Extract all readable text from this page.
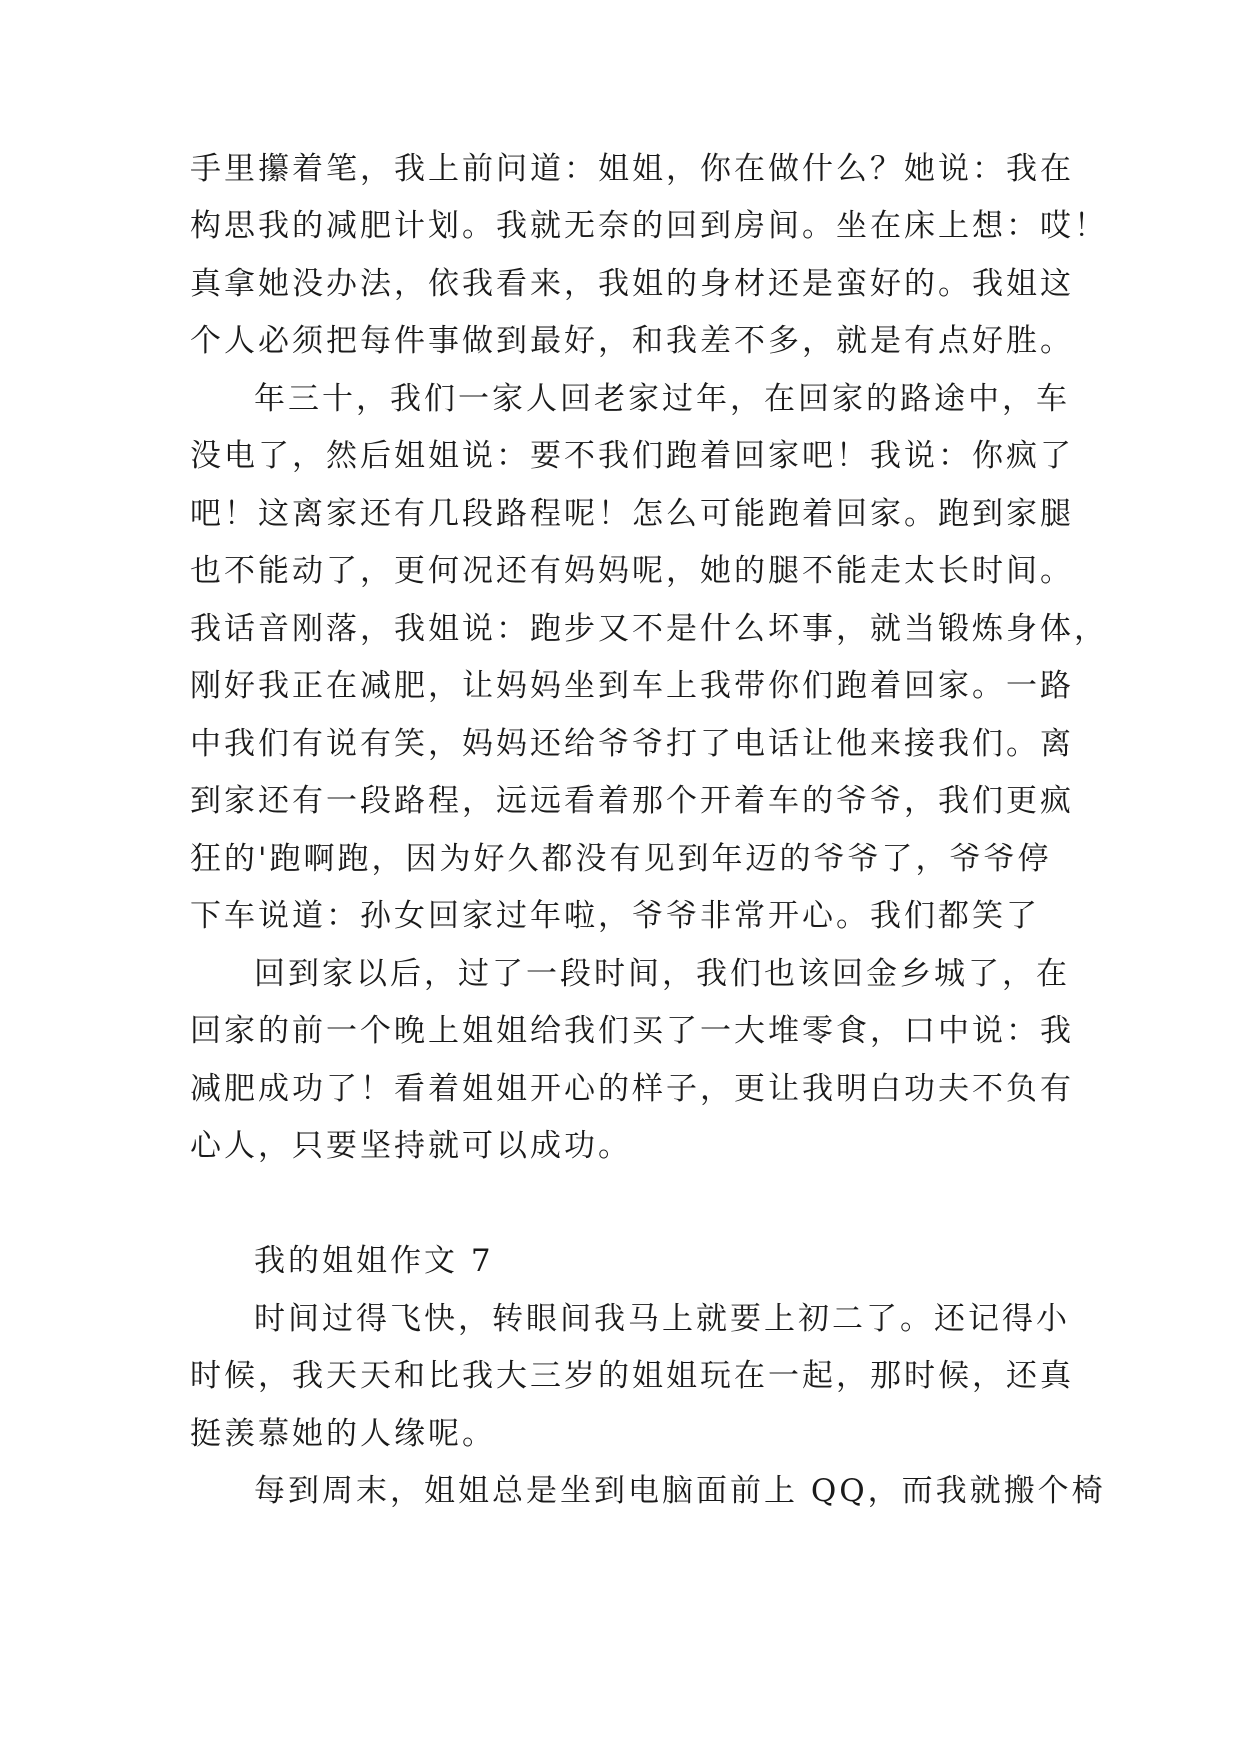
手里攥着笔，我上前问道：姐姐，你在做什么？她说：我在
构思我的减肥计划。我就无奈的回到房间。坐在床上想：哎！
真拿她没办法，依我看来，我姐的身材还是蛮好的。我姐这
个人必须把每件事做到最好，和我差不多，就是有点好胜。
年三十，我们一家人回老家过年，在回家的路途中，车
没电了，然后姐姐说：要不我们跑着回家吧！我说：你疯了
吧！这离家还有几段路程呢！怎么可能跑着回家。跑到家腿
也不能动了，更何况还有妈妈呢，她的腿不能走太长时间。
我话音刚落，我姐说：跑步又不是什么坏事，就当锻炼身体，
刚好我正在减肥，让妈妈坐到车上我带你们跑着回家。一路
中我们有说有笑，妈妈还给爷爷打了电话让他来接我们。离
到家还有一段路程，远远看着那个开着车的爷爷，我们更疯
狂的'跑啊跑，因为好久都没有见到年迈的爷爷了，爷爷停
下车说道：孙女回家过年啦，爷爷非常开心。我们都笑了
回到家以后，过了一段时间，我们也该回金乡城了，在
回家的前一个晚上姐姐给我们买了一大堆零食，口中说：我
减肥成功了！看着姐姐开心的样子，更让我明白功夫不负有
心人，只要坚持就可以成功。
我的姐姐作文 7
时间过得飞快，转眼间我马上就要上初二了。还记得小
时候，我天天和比我大三岁的姐姐玩在一起，那时候，还真
挺羡慕她的人缘呢。
每到周末，姐姐总是坐到电脑面前上 QQ，而我就搬个椅
